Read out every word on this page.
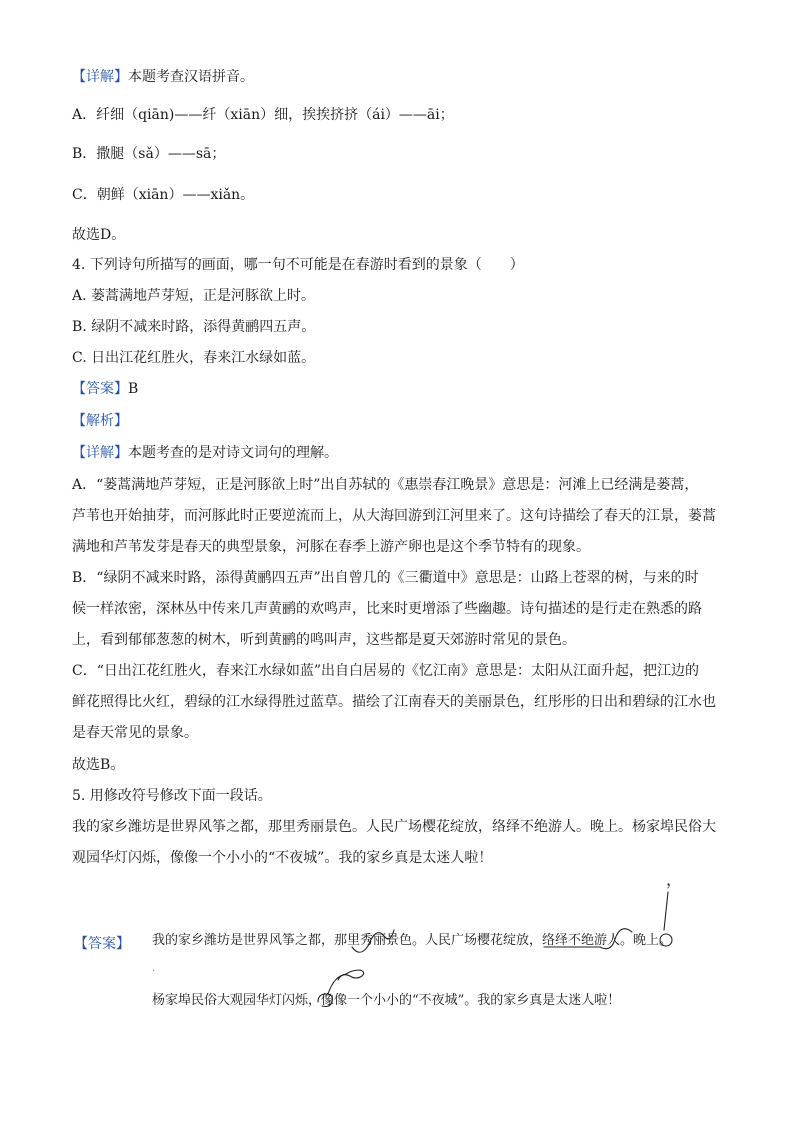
【详解】本题考查汉语拼音。
A．纤细（qiān)——纤（xiān）细，挨挨挤挤（ái）——āi；
B．撒腿（sǎ）——sā；
C．朝鲜（xiān）——xiǎn。
故选D。
4. 下列诗句所描写的画面，哪一句不可能是在春游时看到的景象（　　）
A. 蒌蒿满地芦芽短，正是河豚欲上时。
B. 绿阴不减来时路，添得黄鹂四五声。
C. 日出江花红胜火，春来江水绿如蓝。
【答案】B
【解析】
【详解】本题考查的是对诗文词句的理解。
A．“蒌蒿满地芦芽短，正是河豚欲上时”出自苏轼的《惠崇春江晚景》意思是：河滩上已经满是蒌蒿，
芦苇也开始抽芽，而河豚此时正要逆流而上，从大海回游到江河里来了。这句诗描绘了春天的江景，蒌蒿
满地和芦苇发芽是春天的典型景象，河豚在春季上游产卵也是这个季节特有的现象。
B．“绿阴不减来时路，添得黄鹂四五声”出自曾几的《三衢道中》意思是：山路上苍翠的树，与来的时
候一样浓密，深林丛中传来几声黄鹂的欢鸣声，比来时更增添了些幽趣。诗句描述的是行走在熟悉的路
上，看到郁郁葱葱的树木，听到黄鹂的鸣叫声，这些都是夏天郊游时常见的景色。
C．“日出江花红胜火，春来江水绿如蓝”出自白居易的《忆江南》意思是：太阳从江面升起，把江边的
鲜花照得比火红，碧绿的江水绿得胜过蓝草。描绘了江南春天的美丽景色，红彤彤的日出和碧绿的江水也
是春天常见的景象。
故选B。
5. 用修改符号修改下面一段话。
我的家乡潍坊是世界风筝之都，那里秀丽景色。人民广场樱花绽放，络绎不绝游人。晚上。杨家埠民俗大
观园华灯闪烁，像像一个小小的“不夜城”。我的家乡真是太迷人啦！
【答案】 我的家乡潍坊是世界风筝之都，那里秀丽景色。人民广场樱花绽放，络绎不绝游人。晚上。
杨家埠民俗大观园华灯闪烁，像像一个小小的“不夜城”。我的家乡真是太迷人啦！
，
·
